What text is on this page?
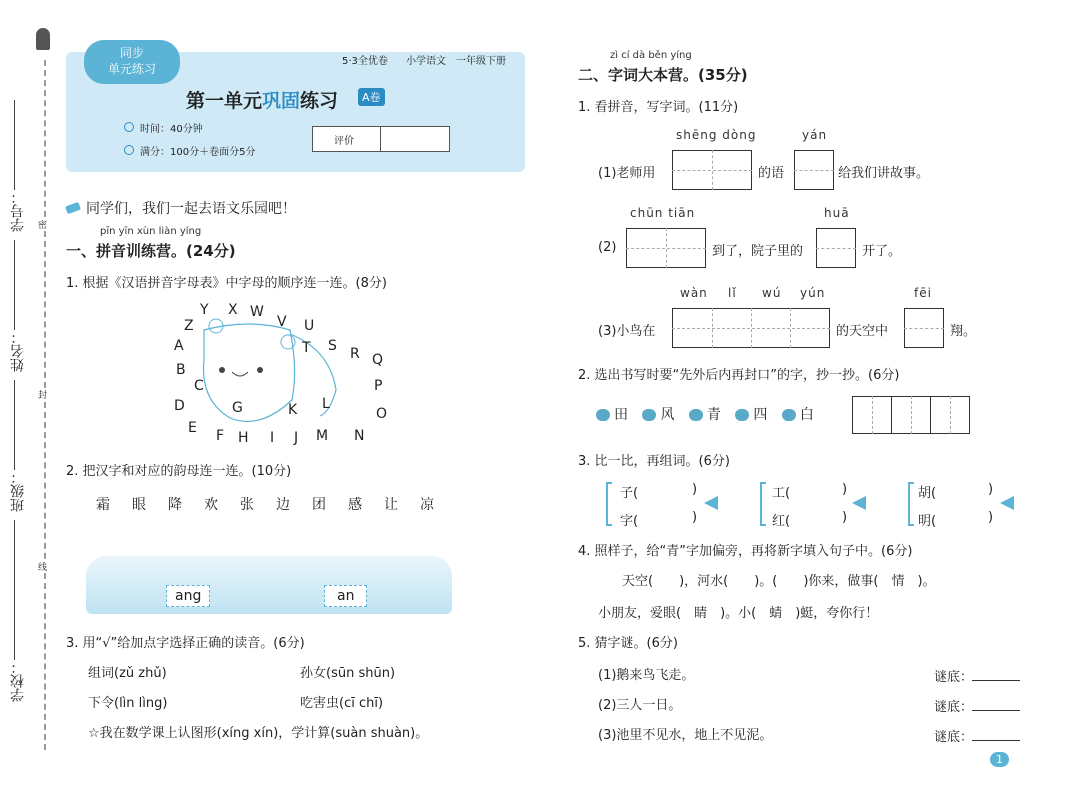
学号：
姓名：
班级：
学校：
密
封
线
同步
单元练习
5·3全优卷 小学语文 一年级下册
第一单元巩固练习	A卷
时间：40分钟
满分：100分＋卷面分5分
评价
同学们，我们一起去语文乐园吧！
pīn yīn xùn liàn yíng
一、拼音训练营。(24分)
1. 根据《汉语拼音字母表》中字母的顺序连一连。(8分)
Y X W
V U
Z
T S
A	R Q
B
P
C
G
D	L
K	O
E F H I J M N
2. 把汉字和对应的韵母连一连。(10分)
霜 眼 降 欢 张 边 团 感 让 凉
ang	an
3. 用“√”给加点字选择正确的读音。(6分)
组词(zǔ zhǔ)	孙女(sūn shūn)
下令(lìn lìng)	吃害虫(cī chī)
☆我在数学课上认图形(xíng xín)，学计算(suàn shuàn)。
zì cí dà běn yíng
二、字词大本营。(35分)
1. 看拼音，写字词。(11分)
shēng dòng	yán
(1)老师用	的语	给我们讲故事。
chūn tiān	huā
(2)	到了，院子里的	开了。
wàn lǐ wú yún	fēi
(3)小鸟在	的天空中	翔。
2. 选出书写时要“先外后内再封口”的字，抄一抄。(6分)
田 风 青 四 白
3. 比一比，再组词。(6分)
子(	)
字(	)
工(	)
红(	)
胡(	)
明(	)
4. 照样子，给“青”字加偏旁，再将新字填入句子中。(6分)
天空(　　)，河水(　　)。(　　)你来，做事(　情　)。
小朋友，爱眼(　睛　)。小(　蜻　)蜓，夸你行！
5. 猜字谜。(6分)
(1)鹅来鸟飞走。	谜底：
(2)三人一日。	谜底：
(3)池里不见水，地上不见泥。	谜底：
1
